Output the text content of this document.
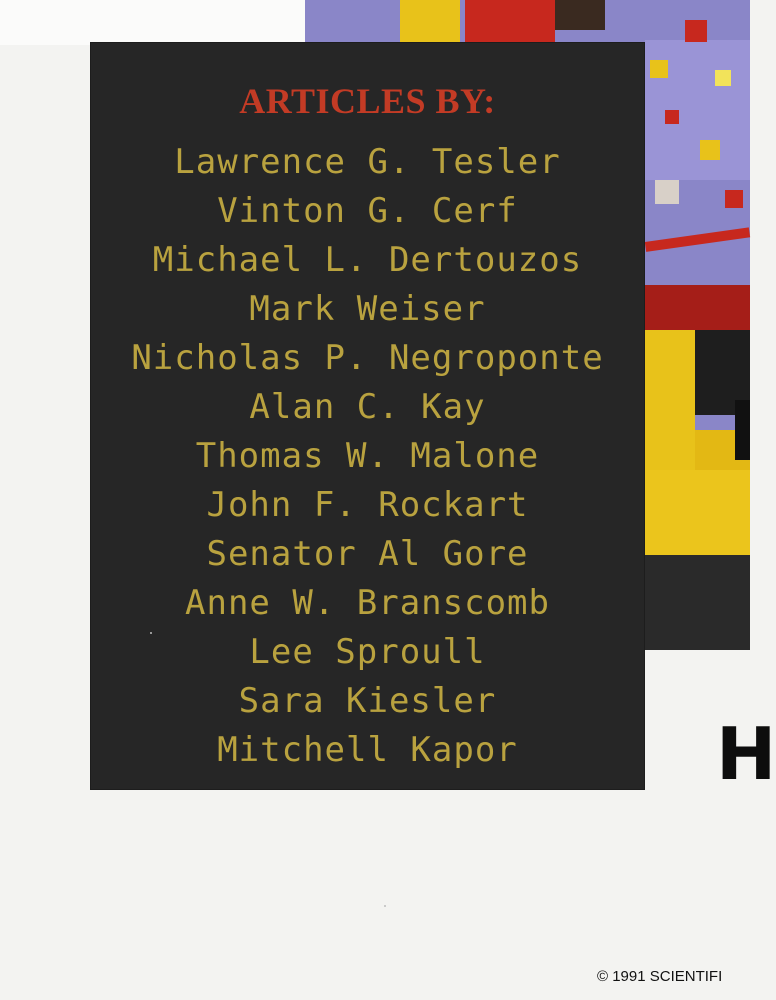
ARTICLES BY:
Lawrence G. Tesler
Vinton G. Cerf
Michael L. Dertouzos
Mark Weiser
Nicholas P. Negroponte
Alan C. Kay
Thomas W. Malone
John F. Rockart
Senator Al Gore
Anne W. Branscomb
Lee Sproull
Sara Kiesler
Mitchell Kapor	H
© 1991 SCIENTIFI
